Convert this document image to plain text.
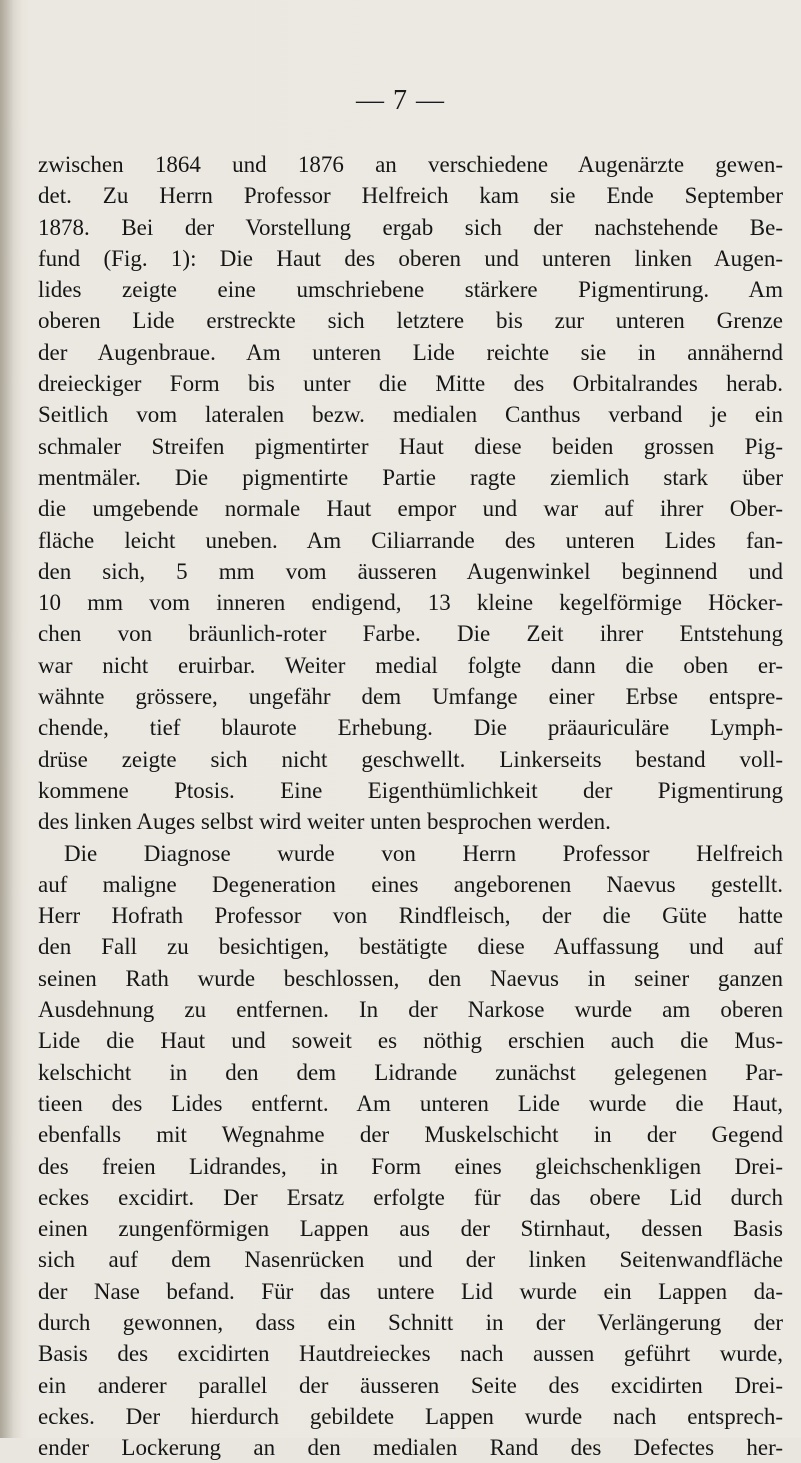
— 7 —
zwischen 1864 und 1876 an verschiedene Augenärzte gewen-
det. Zu Herrn Professor Helfreich kam sie Ende September
1878. Bei der Vorstellung ergab sich der nachstehende Be-
fund (Fig. 1): Die Haut des oberen und unteren linken Augen-
lides zeigte eine umschriebene stärkere Pigmentirung. Am
oberen Lide erstreckte sich letztere bis zur unteren Grenze
der Augenbraue. Am unteren Lide reichte sie in annähernd
dreieckiger Form bis unter die Mitte des Orbitalrandes herab.
Seitlich vom lateralen bezw. medialen Canthus verband je ein
schmaler Streifen pigmentirter Haut diese beiden grossen Pig-
mentmäler. Die pigmentirte Partie ragte ziemlich stark über
die umgebende normale Haut empor und war auf ihrer Ober-
fläche leicht uneben. Am Ciliarrande des unteren Lides fan-
den sich, 5 mm vom äusseren Augenwinkel beginnend und
10 mm vom inneren endigend, 13 kleine kegelförmige Höcker-
chen von bräunlich-roter Farbe. Die Zeit ihrer Entstehung
war nicht eruirbar. Weiter medial folgte dann die oben er-
wähnte grössere, ungefähr dem Umfange einer Erbse entspre-
chende, tief blaurote Erhebung. Die präauriculäre Lymph-
drüse zeigte sich nicht geschwellt. Linkerseits bestand voll-
kommene Ptosis. Eine Eigenthümlichkeit der Pigmentirung
des linken Auges selbst wird weiter unten besprochen werden.
Die Diagnose wurde von Herrn Professor Helfreich
auf maligne Degeneration eines angeborenen Naevus gestellt.
Herr Hofrath Professor von Rindfleisch, der die Güte hatte
den Fall zu besichtigen, bestätigte diese Auffassung und auf
seinen Rath wurde beschlossen, den Naevus in seiner ganzen
Ausdehnung zu entfernen. In der Narkose wurde am oberen
Lide die Haut und soweit es nöthig erschien auch die Mus-
kelschicht in den dem Lidrande zunächst gelegenen Par-
tieen des Lides entfernt. Am unteren Lide wurde die Haut,
ebenfalls mit Wegnahme der Muskelschicht in der Gegend
des freien Lidrandes, in Form eines gleichschenkligen Drei-
eckes excidirt. Der Ersatz erfolgte für das obere Lid durch
einen zungenförmigen Lappen aus der Stirnhaut, dessen Basis
sich auf dem Nasenrücken und der linken Seitenwandfläche
der Nase befand. Für das untere Lid wurde ein Lappen da-
durch gewonnen, dass ein Schnitt in der Verlängerung der
Basis des excidirten Hautdreieckes nach aussen geführt wurde,
ein anderer parallel der äusseren Seite des excidirten Drei-
eckes. Der hierdurch gebildete Lappen wurde nach entsprech-
ender Lockerung an den medialen Rand des Defectes her-
